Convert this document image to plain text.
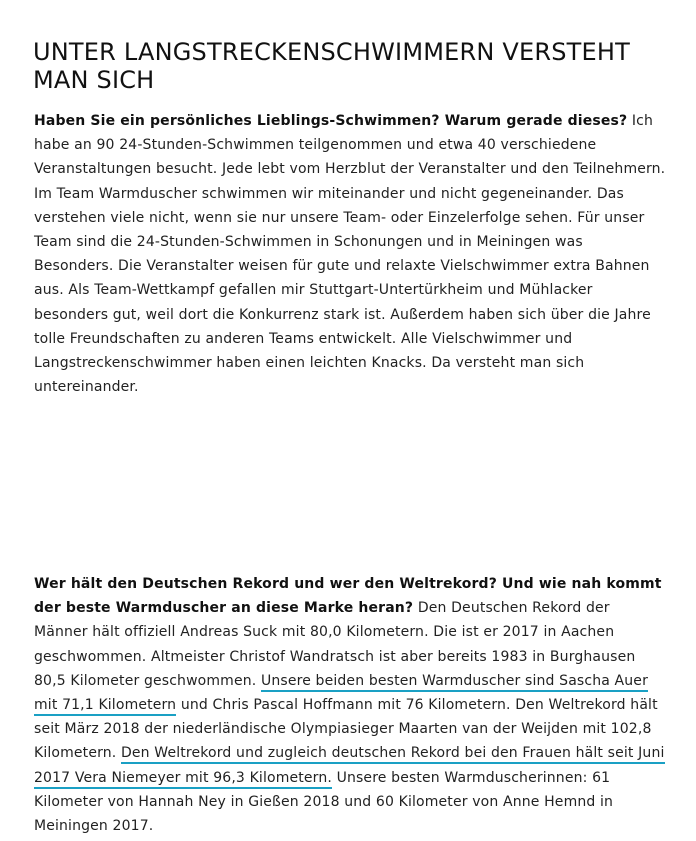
UNTER LANGSTRECKENSCHWIMMERN VERSTEHT MAN SICH

Haben Sie ein persönliches Lieblings-Schwimmen? Warum gerade dieses? Ich habe an 90 24-Stunden-Schwimmen teilgenommen und etwa 40 verschiedene Veranstaltungen besucht. Jede lebt vom Herzblut der Veranstalter und den Teilnehmern. Im Team Warmduscher schwimmen wir miteinander und nicht gegeneinander. Das verstehen viele nicht, wenn sie nur unsere Team- oder Einzelerfolge sehen. Für unser Team sind die 24-Stunden-Schwimmen in Schonungen und in Meiningen was Besonders. Die Veranstalter weisen für gute und relaxte Vielschwimmer extra Bahnen aus. Als Team-Wettkampf gefallen mir Stuttgart-Untertürkheim und Mühlacker besonders gut, weil dort die Konkurrenz stark ist. Außerdem haben sich über die Jahre tolle Freundschaften zu anderen Teams entwickelt. Alle Vielschwimmer und Langstreckenschwimmer haben einen leichten Knacks. Da versteht man sich untereinander.

Wer hält den Deutschen Rekord und wer den Weltrekord? Und wie nah kommt der beste Warmduscher an diese Marke heran? Den Deutschen Rekord der Männer hält offiziell Andreas Suck mit 80,0 Kilometern. Die ist er 2017 in Aachen geschwommen. Altmeister Christof Wandratsch ist aber bereits 1983 in Burghausen 80,5 Kilometer geschwommen. Unsere beiden besten Warmduscher sind Sascha Auer mit 71,1 Kilometern und Chris Pascal Hoffmann mit 76 Kilometern. Den Weltrekord hält seit März 2018 der niederländische Olympiasieger Maarten van der Weijden mit 102,8 Kilometern. Den Weltrekord und zugleich deutschen Rekord bei den Frauen hält seit Juni 2017 Vera Niemeyer mit 96,3 Kilometern. Unsere besten Warmduscherinnen: 61 Kilometer von Hannah Ney in Gießen 2018 und 60 Kilometer von Anne Hemnd in Meiningen 2017.
